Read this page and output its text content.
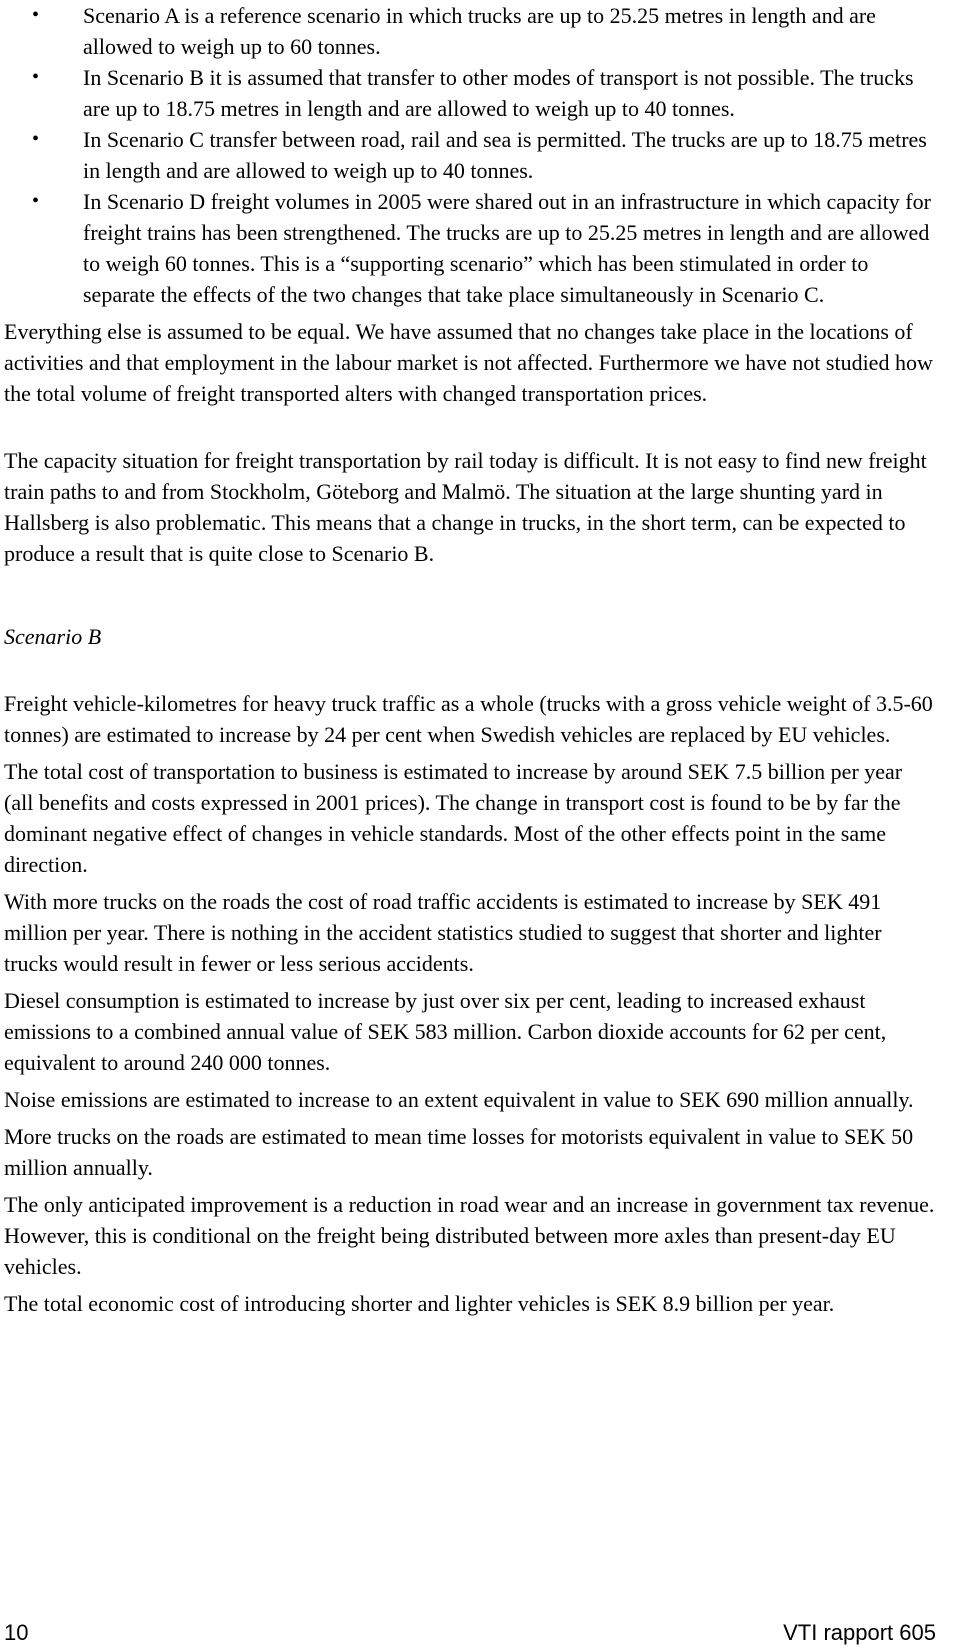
• Scenario A is a reference scenario in which trucks are up to 25.25 metres in length and are allowed to weigh up to 60 tonnes.
• In Scenario B it is assumed that transfer to other modes of transport is not possible. The trucks are up to 18.75 metres in length and are allowed to weigh up to 40 tonnes.
• In Scenario C transfer between road, rail and sea is permitted. The trucks are up to 18.75 metres in length and are allowed to weigh up to 40 tonnes.
• In Scenario D freight volumes in 2005 were shared out in an infrastructure in which capacity for freight trains has been strengthened. The trucks are up to 25.25 metres in length and are allowed to weigh 60 tonnes. This is a “supporting scenario” which has been stimulated in order to separate the effects of the two changes that take place simultaneously in Scenario C.

Everything else is assumed to be equal. We have assumed that no changes take place in the locations of activities and that employment in the labour market is not affected. Furthermore we have not studied how the total volume of freight transported alters with changed transportation prices.

The capacity situation for freight transportation by rail today is difficult. It is not easy to find new freight train paths to and from Stockholm, Göteborg and Malmö. The situation at the large shunting yard in Hallsberg is also problematic. This means that a change in trucks, in the short term, can be expected to produce a result that is quite close to Scenario B.

Scenario B

Freight vehicle-kilometres for heavy truck traffic as a whole (trucks with a gross vehicle weight of 3.5-60 tonnes) are estimated to increase by 24 per cent when Swedish vehicles are replaced by EU vehicles.

The total cost of transportation to business is estimated to increase by around SEK 7.5 billion per year (all benefits and costs expressed in 2001 prices). The change in transport cost is found to be by far the dominant negative effect of changes in vehicle standards. Most of the other effects point in the same direction.

With more trucks on the roads the cost of road traffic accidents is estimated to increase by SEK 491 million per year. There is nothing in the accident statistics studied to suggest that shorter and lighter trucks would result in fewer or less serious accidents.

Diesel consumption is estimated to increase by just over six per cent, leading to increased exhaust emissions to a combined annual value of SEK 583 million. Carbon dioxide accounts for 62 per cent, equivalent to around 240 000 tonnes.

Noise emissions are estimated to increase to an extent equivalent in value to SEK 690 million annually.

More trucks on the roads are estimated to mean time losses for motorists equivalent in value to SEK 50 million annually.

The only anticipated improvement is a reduction in road wear and an increase in government tax revenue. However, this is conditional on the freight being distributed between more axles than present-day EU vehicles.

The total economic cost of introducing shorter and lighter vehicles is SEK 8.9 billion per year.

10	VTI rapport 605
